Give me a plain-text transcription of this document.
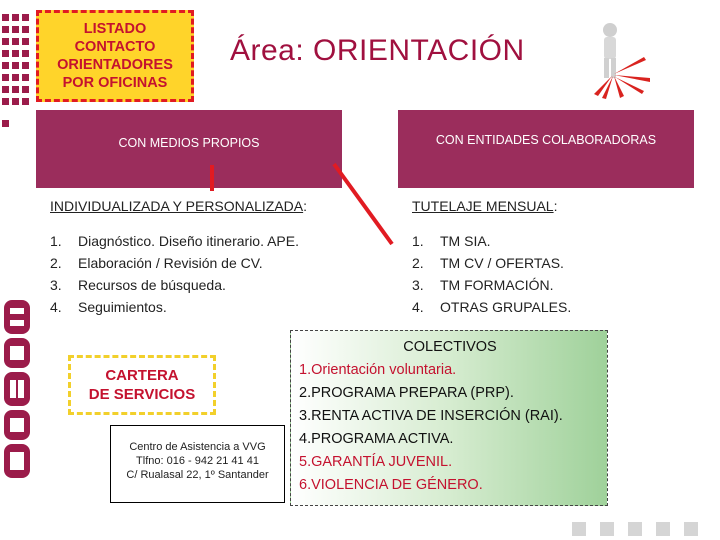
LISTADO
CONTACTO
ORIENTADORES
POR OFICINAS
Área: ORIENTACIÓN
CON MEDIOS PROPIOS	CON ENTIDADES COLABORADORAS
INDIVIDUALIZADA Y PERSONALIZADA:
1.	Diagnóstico. Diseño itinerario. APE.
2.	Elaboración / Revisión de CV.
3.	Recursos de búsqueda.
4.	Seguimientos.
TUTELAJE MENSUAL:
1.	TM SIA.
2.	TM CV / OFERTAS.
3.	TM FORMACIÓN.
4.	OTRAS GRUPALES.
CARTERA
DE SERVICIOS
Centro de Asistencia a VVG
Tlfno: 016 - 942 21 41 41
C/ Rualasal 22, 1º Santander
COLECTIVOS
1.Orientación voluntaria.
2.PROGRAMA PREPARA (PRP).
3.RENTA ACTIVA DE INSERCIÓN (RAI).
4.PROGRAMA ACTIVA.
5.GARANTÍA JUVENIL.
6.VIOLENCIA DE GÉNERO.
